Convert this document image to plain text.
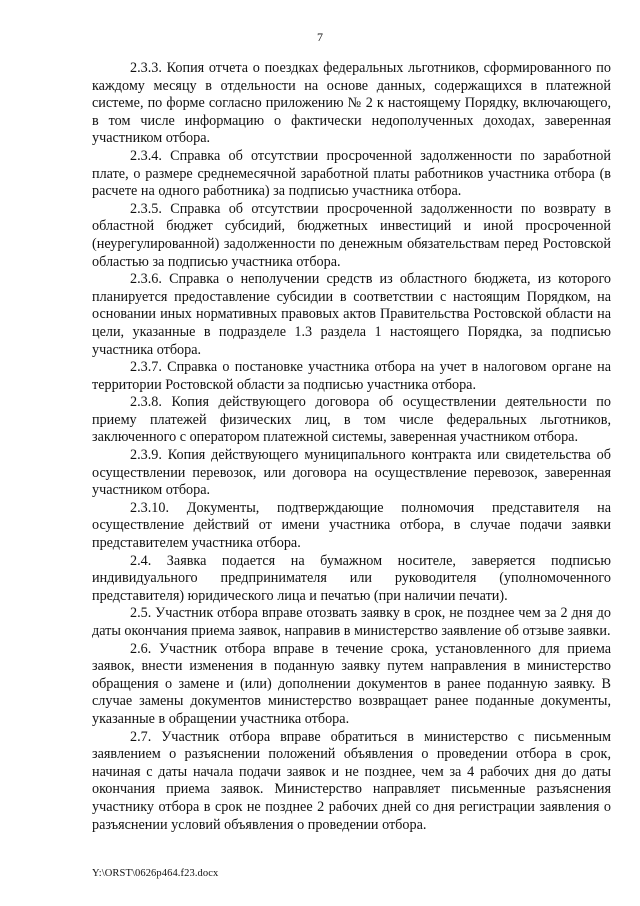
7

2.3.3. Копия отчета о поездках федеральных льготников, сформированного по каждому месяцу в отдельности на основе данных, содержащихся в платежной системе, по форме согласно приложению № 2 к настоящему Порядку, включающего, в том числе информацию о фактически недополученных доходах, заверенная участником отбора.

2.3.4. Справка об отсутствии просроченной задолженности по заработной плате, о размере среднемесячной заработной платы работников участника отбора (в расчете на одного работника) за подписью участника отбора.

2.3.5. Справка об отсутствии просроченной задолженности по возврату в областной бюджет субсидий, бюджетных инвестиций и иной просроченной (неурегулированной) задолженности по денежным обязательствам перед Ростовской областью за подписью участника отбора.

2.3.6. Справка о неполучении средств из областного бюджета, из которого планируется предоставление субсидии в соответствии с настоящим Порядком, на основании иных нормативных правовых актов Правительства Ростовской области на цели, указанные в подразделе 1.3 раздела 1 настоящего Порядка, за подписью участника отбора.

2.3.7. Справка о постановке участника отбора на учет в налоговом органе на территории Ростовской области за подписью участника отбора.

2.3.8. Копия действующего договора об осуществлении деятельности по приему платежей физических лиц, в том числе федеральных льготников, заключенного с оператором платежной системы, заверенная участником отбора.

2.3.9. Копия действующего муниципального контракта или свидетельства об осуществлении перевозок, или договора на осуществление перевозок, заверенная участником отбора.

2.3.10. Документы, подтверждающие полномочия представителя на осуществление действий от имени участника отбора, в случае подачи заявки представителем участника отбора.

2.4. Заявка подается на бумажном носителе, заверяется подписью индивидуального предпринимателя или руководителя (уполномоченного представителя) юридического лица и печатью (при наличии печати).

2.5. Участник отбора вправе отозвать заявку в срок, не позднее чем за 2 дня до даты окончания приема заявок, направив в министерство заявление об отзыве заявки.

2.6. Участник отбора вправе в течение срока, установленного для приема заявок, внести изменения в поданную заявку путем направления в министерство обращения о замене и (или) дополнении документов в ранее поданную заявку. В случае замены документов министерство возвращает ранее поданные документы, указанные в обращении участника отбора.

2.7. Участник отбора вправе обратиться в министерство с письменным заявлением о разъяснении положений объявления о проведении отбора в срок, начиная с даты начала подачи заявок и не позднее, чем за 4 рабочих дня до даты окончания приема заявок. Министерство направляет письменные разъяснения участнику отбора в срок не позднее 2 рабочих дней со дня регистрации заявления о разъяснении условий объявления о проведении отбора.

Y:\ORST\0626p464.f23.docx
